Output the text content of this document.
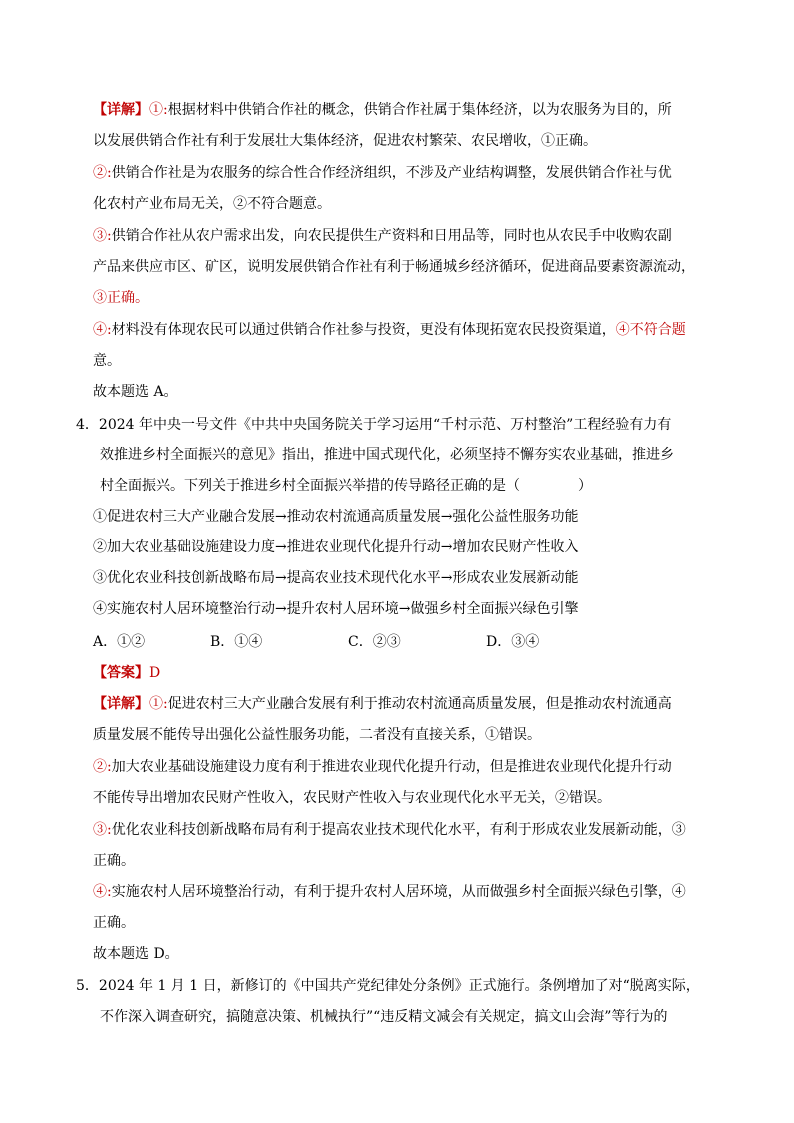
【详解】①:根据材料中供销合作社的概念，供销合作社属于集体经济，以为农服务为目的，所
以发展供销合作社有利于发展壮大集体经济，促进农村繁荣、农民增收，①正确。
②:供销合作社是为农服务的综合性合作经济组织，不涉及产业结构调整，发展供销合作社与优
化农村产业布局无关，②不符合题意。
③:供销合作社从农户需求出发，向农民提供生产资料和日用品等，同时也从农民手中收购农副
产品来供应市区、矿区，说明发展供销合作社有利于畅通城乡经济循环，促进商品要素资源流动，
③正确。
④:材料没有体现农民可以通过供销合作社参与投资，更没有体现拓宽农民投资渠道，④不符合题
意。
故本题选 A。
4．2024 年中央一号文件《中共中央国务院关于学习运用“千村示范、万村整治”工程经验有力有
效推进乡村全面振兴的意见》指出，推进中国式现代化，必须坚持不懈夯实农业基础，推进乡
村全面振兴。下列关于推进乡村全面振兴举措的传导路径正确的是（	）
①促进农村三大产业融合发展→推动农村流通高质量发展→强化公益性服务功能
②加大农业基础设施建设力度→推进农业现代化提升行动→增加农民财产性收入
③优化农业科技创新战略布局→提高农业技术现代化水平→形成农业发展新动能
④实施农村人居环境整治行动→提升农村人居环境→做强乡村全面振兴绿色引擎
A．①②	B．①④	C．②③	D．③④
【答案】D
【详解】①:促进农村三大产业融合发展有利于推动农村流通高质量发展，但是推动农村流通高
质量发展不能传导出强化公益性服务功能，二者没有直接关系，①错误。
②:加大农业基础设施建设力度有利于推进农业现代化提升行动，但是推进农业现代化提升行动
不能传导出增加农民财产性收入，农民财产性收入与农业现代化水平无关，②错误。
③:优化农业科技创新战略布局有利于提高农业技术现代化水平，有利于形成农业发展新动能，③
正确。
④:实施农村人居环境整治行动，有利于提升农村人居环境，从而做强乡村全面振兴绿色引擎，④
正确。
故本题选 D。
5．2024 年 1 月 1 日，新修订的《中国共产党纪律处分条例》正式施行。条例增加了对“脱离实际，
不作深入调查研究，搞随意决策、机械执行”“违反精文减会有关规定，搞文山会海”等行为的
